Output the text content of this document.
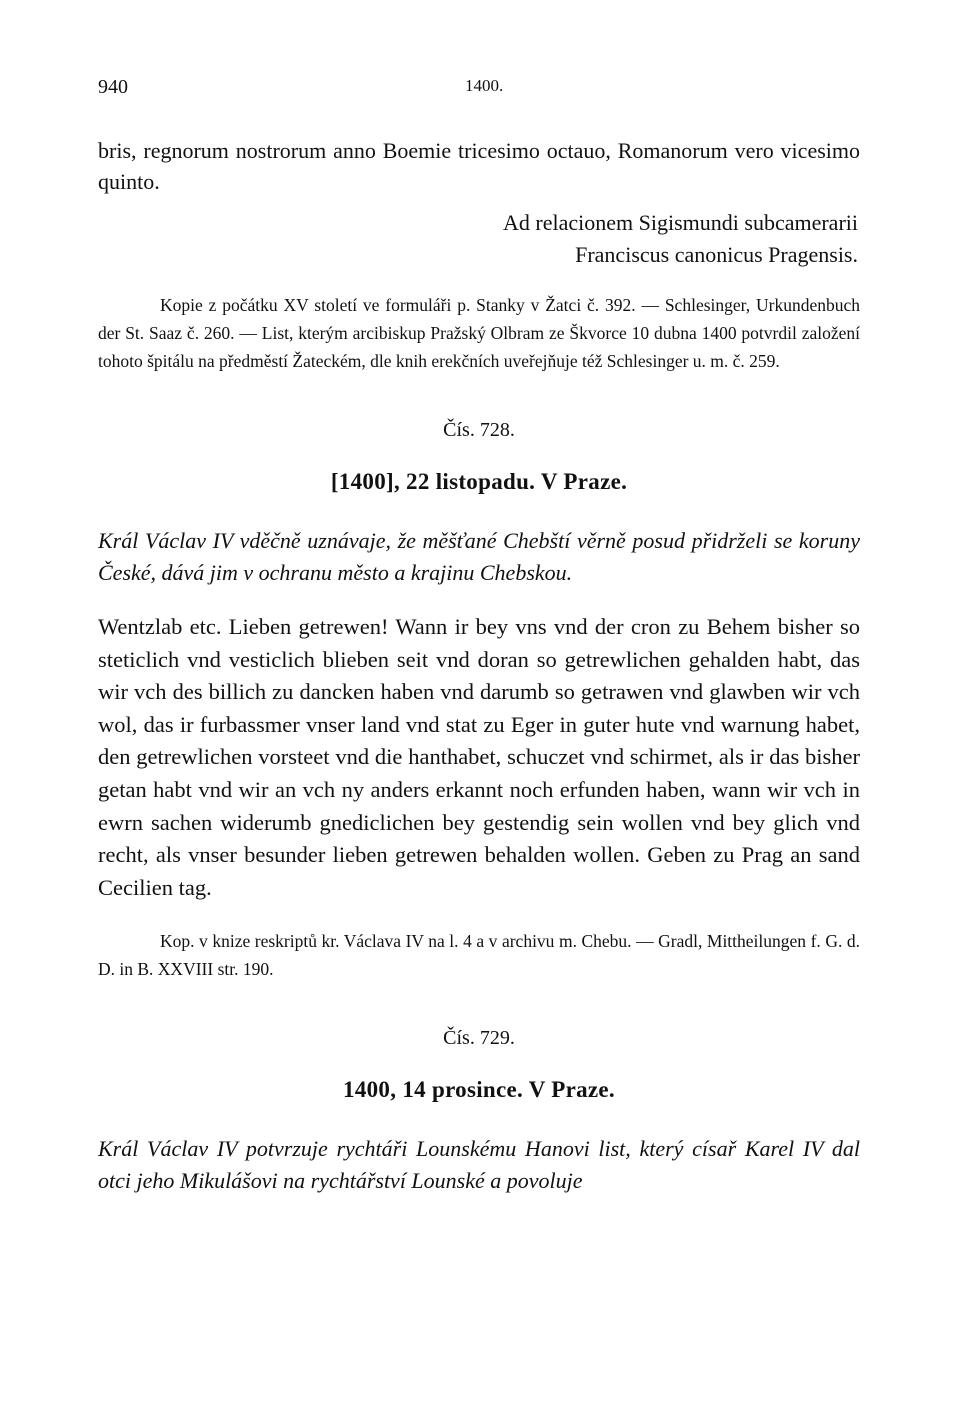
940	1400.

bris, regnorum nostrorum anno Boemie tricesimo octauo, Romanorum vero vicesimo quinto.

Ad relacionem Sigismundi subcamerarii
Franciscus canonicus Pragensis.

Kopie z počátku XV století ve formuláři p. Stanky v Žatci č. 392. — Schlesinger, Urkundenbuch der St. Saaz č. 260. — List, kterým arcibiskup Pražský Olbram ze Škvorce 10 dubna 1400 potvrdil založení tohoto špitálu na předměstí Žateckém, dle knih erekčních uveřejňuje též Schlesinger u. m. č. 259.

Čís. 728.
[1400], 22 listopadu. V Praze.

Král Václav IV vděčně uznávaje, že měšťané Chebští věrně posud přidrželi se koruny České, dává jim v ochranu město a krajinu Chebskou.

Wentzlab etc. Lieben getrewen! Wann ir bey vns vnd der cron zu Behem bisher so steticlich vnd vesticlich blieben seit vnd doran so getrewlichen gehalden habt, das wir vch des billich zu dancken haben vnd darumb so getrawen vnd glawben wir vch wol, das ir furbassmer vnser land vnd stat zu Eger in guter hute vnd warnung habet, den getrewlichen vorsteet vnd die hanthabet, schuczet vnd schirmet, als ir das bisher getan habt vnd wir an vch ny anders erkannt noch erfunden haben, wann wir vch in ewrn sachen widerumb gnediclichen bey gestendig sein wollen vnd bey glich vnd recht, als vnser besunder lieben getrewen behalden wollen. Geben zu Prag an sand Cecilien tag.

Kop. v knize reskriptů kr. Václava IV na l. 4 a v archivu m. Chebu. — Gradl, Mittheilungen f. G. d. D. in B. XXVIII str. 190.

Čís. 729.
1400, 14 prosince. V Praze.

Král Václav IV potvrzuje rychtáři Lounskému Hanovi list, který císař Karel IV dal otci jeho Mikulášovi na rychtářství Lounské a povoluje
